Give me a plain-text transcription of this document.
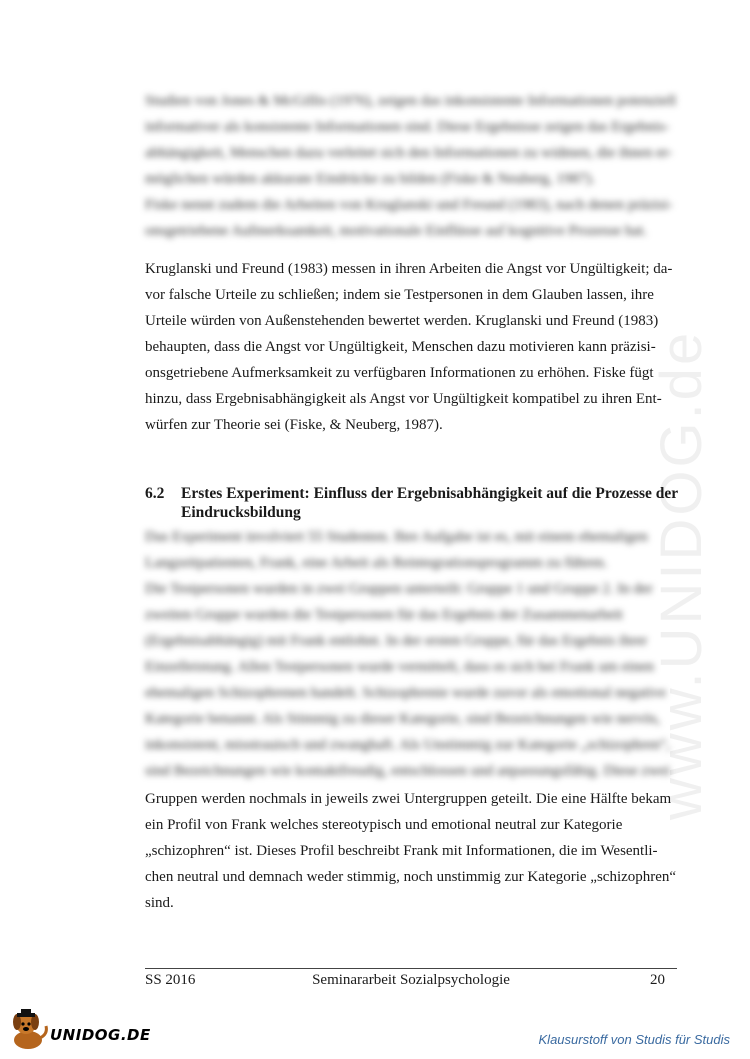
www.UNIDOG.de

Studien von Jones & McGillis (1976), zeigen das inkonsistente Informationen potenziell
informativer als konsistente Informationen sind. Diese Ergebnisse zeigen das Ergebnis-
abhängigkeit, Menschen dazu verleitet sich den Informationen zu widmen, die ihnen er-
möglichen würden akkurate Eindrücke zu bilden (Fiske & Neuberg, 1987).
Fiske nennt zudem die Arbeiten von Kruglanski und Freund (1983), nach denen präzisi-
onsgetriebene Aufmerksamkeit, motivationale Einflüsse auf kognitive Prozesse hat.

Kruglanski und Freund (1983) messen in ihren Arbeiten die Angst vor Ungültigkeit; da-
vor falsche Urteile zu schließen; indem sie Testpersonen in dem Glauben lassen, ihre
Urteile würden von Außenstehenden bewertet werden. Kruglanski und Freund (1983)
behaupten, dass die Angst vor Ungültigkeit, Menschen dazu motivieren kann präzisi-
onsgetriebene Aufmerksamkeit zu verfügbaren Informationen zu erhöhen. Fiske fügt
hinzu, dass Ergebnisabhängigkeit als Angst vor Ungültigkeit kompatibel zu ihren Ent-
würfen zur Theorie sei (Fiske, & Neuberg, 1987).

6.2 Erstes Experiment: Einfluss der Ergebnisabhängigkeit auf die Prozesse der Eindrucksbildung

Das Experiment involviert 55 Studenten. Ihre Aufgabe ist es, mit einem ehemaligen
Langzeitpatienten, Frank, eine Arbeit als Reintegrationsprogramm zu führen.
Die Testpersonen wurden in zwei Gruppen unterteilt: Gruppe 1 und Gruppe 2. In der
zweiten Gruppe wurden die Testpersonen für das Ergebnis der Zusammenarbeit
(Ergebnisabhängig) mit Frank entlohnt. In der ersten Gruppe, für das Ergebnis ihrer
Einzelleistung. Allen Testpersonen wurde vermittelt, dass es sich bei Frank um einen
ehemaligen Schizophrenen handelt. Schizophrenie wurde zuvor als emotional negative
Kategorie benannt. Als Stimmig zu dieser Kategorie, sind Bezeichnungen wie nervös,
inkonsistent, misstrauisch und zwanghaft. Als Unstimmig zur Kategorie „schizophren“,
sind Bezeichnungen wie kontaktfreudig, entschlossen und anpassungsfähig. Diese zwei

Gruppen werden nochmals in jeweils zwei Untergruppen geteilt. Die eine Hälfte bekam
ein Profil von Frank welches stereotypisch und emotional neutral zur Kategorie
„schizophren“ ist. Dieses Profil beschreibt Frank mit Informationen, die im Wesentli-
chen neutral und demnach weder stimmig, noch unstimmig zur Kategorie „schizophren“
sind.

SS 2016	Seminararbeit Sozialpsychologie	20
UNIDOG.DE	Klausurstoff von Studis für Studis
